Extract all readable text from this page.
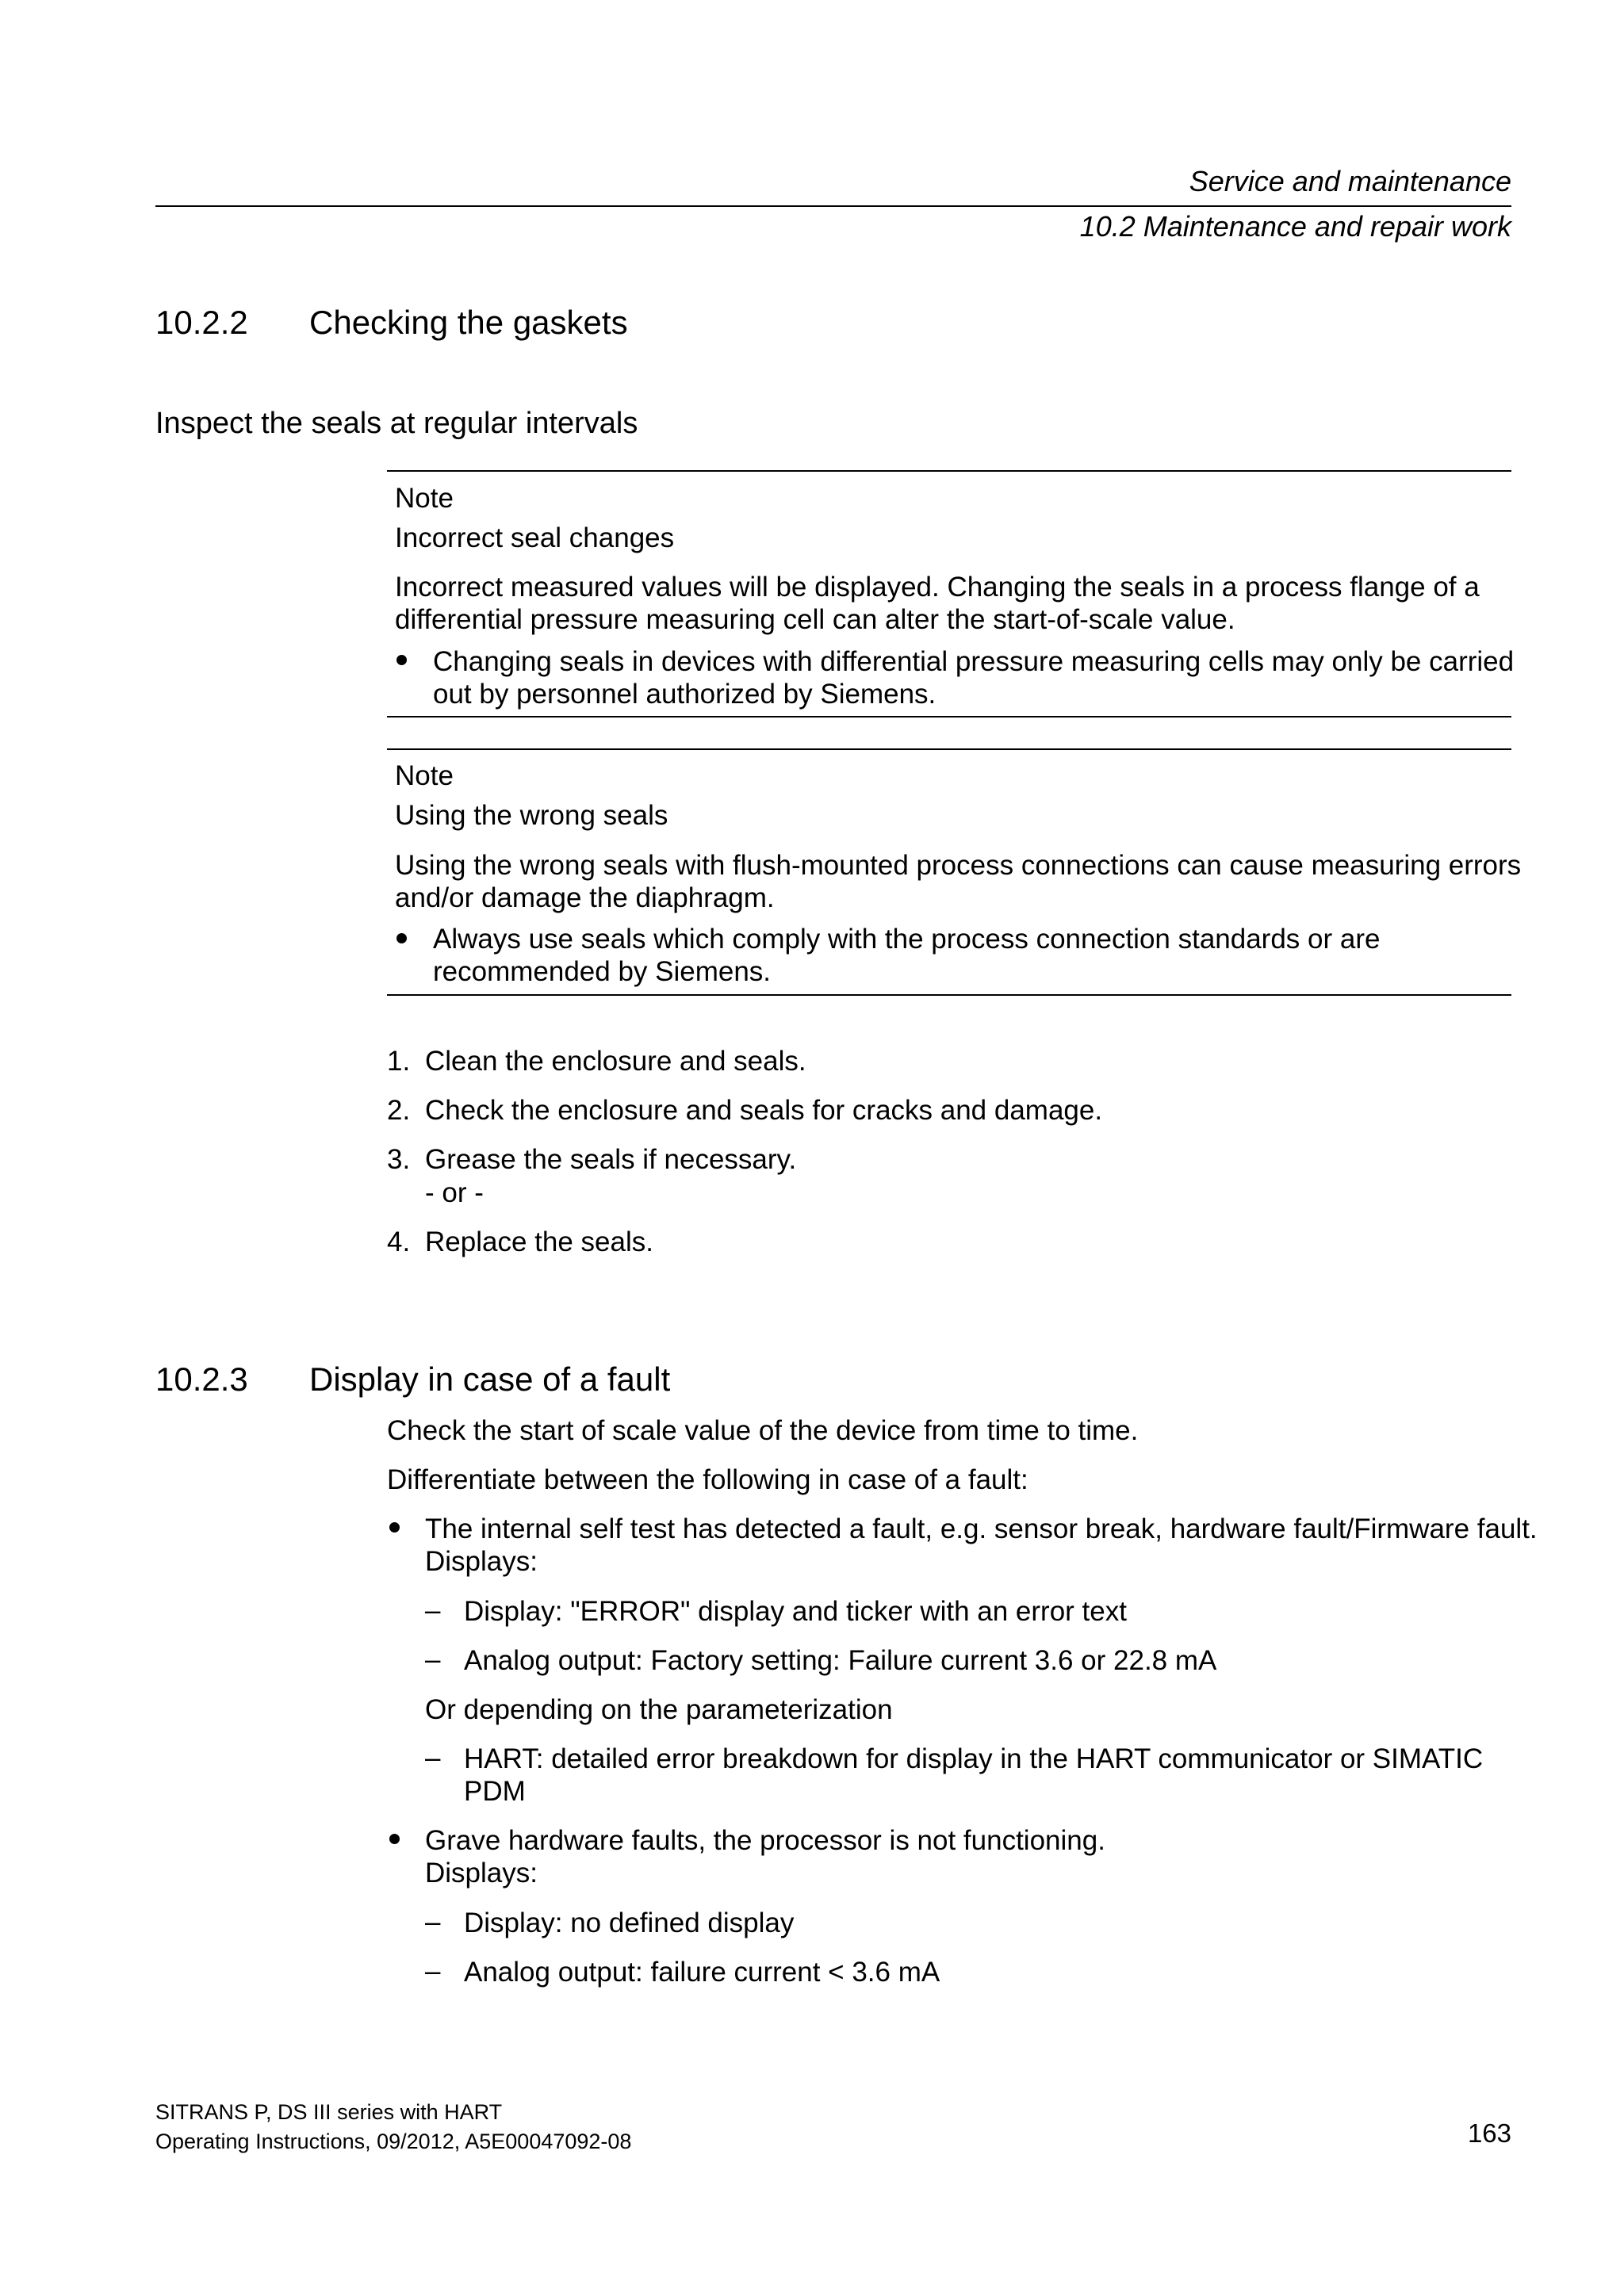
Service and maintenance
10.2 Maintenance and repair work
10.2.2 Checking the gaskets
Inspect the seals at regular intervals
Note
Incorrect seal changes
Incorrect measured values will be displayed. Changing the seals in a process flange of a
differential pressure measuring cell can alter the start-of-scale value.
Changing seals in devices with differential pressure measuring cells may only be carried
out by personnel authorized by Siemens.
Note
Using the wrong seals
Using the wrong seals with flush-mounted process connections can cause measuring errors
and/or damage the diaphragm.
Always use seals which comply with the process connection standards or are
recommended by Siemens.
1. Clean the enclosure and seals.
2. Check the enclosure and seals for cracks and damage.
3. Grease the seals if necessary.
- or -
4. Replace the seals.
10.2.3 Display in case of a fault
Check the start of scale value of the device from time to time.
Differentiate between the following in case of a fault:
The internal self test has detected a fault, e.g. sensor break, hardware fault/Firmware fault.
Displays:
– Display: "ERROR" display and ticker with an error text
– Analog output: Factory setting: Failure current 3.6 or 22.8 mA
Or depending on the parameterization
– HART: detailed error breakdown for display in the HART communicator or SIMATIC
PDM
Grave hardware faults, the processor is not functioning.
Displays:
– Display: no defined display
– Analog output: failure current < 3.6 mA
SITRANS P, DS III series with HART
Operating Instructions, 09/2012, A5E00047092-08	163
